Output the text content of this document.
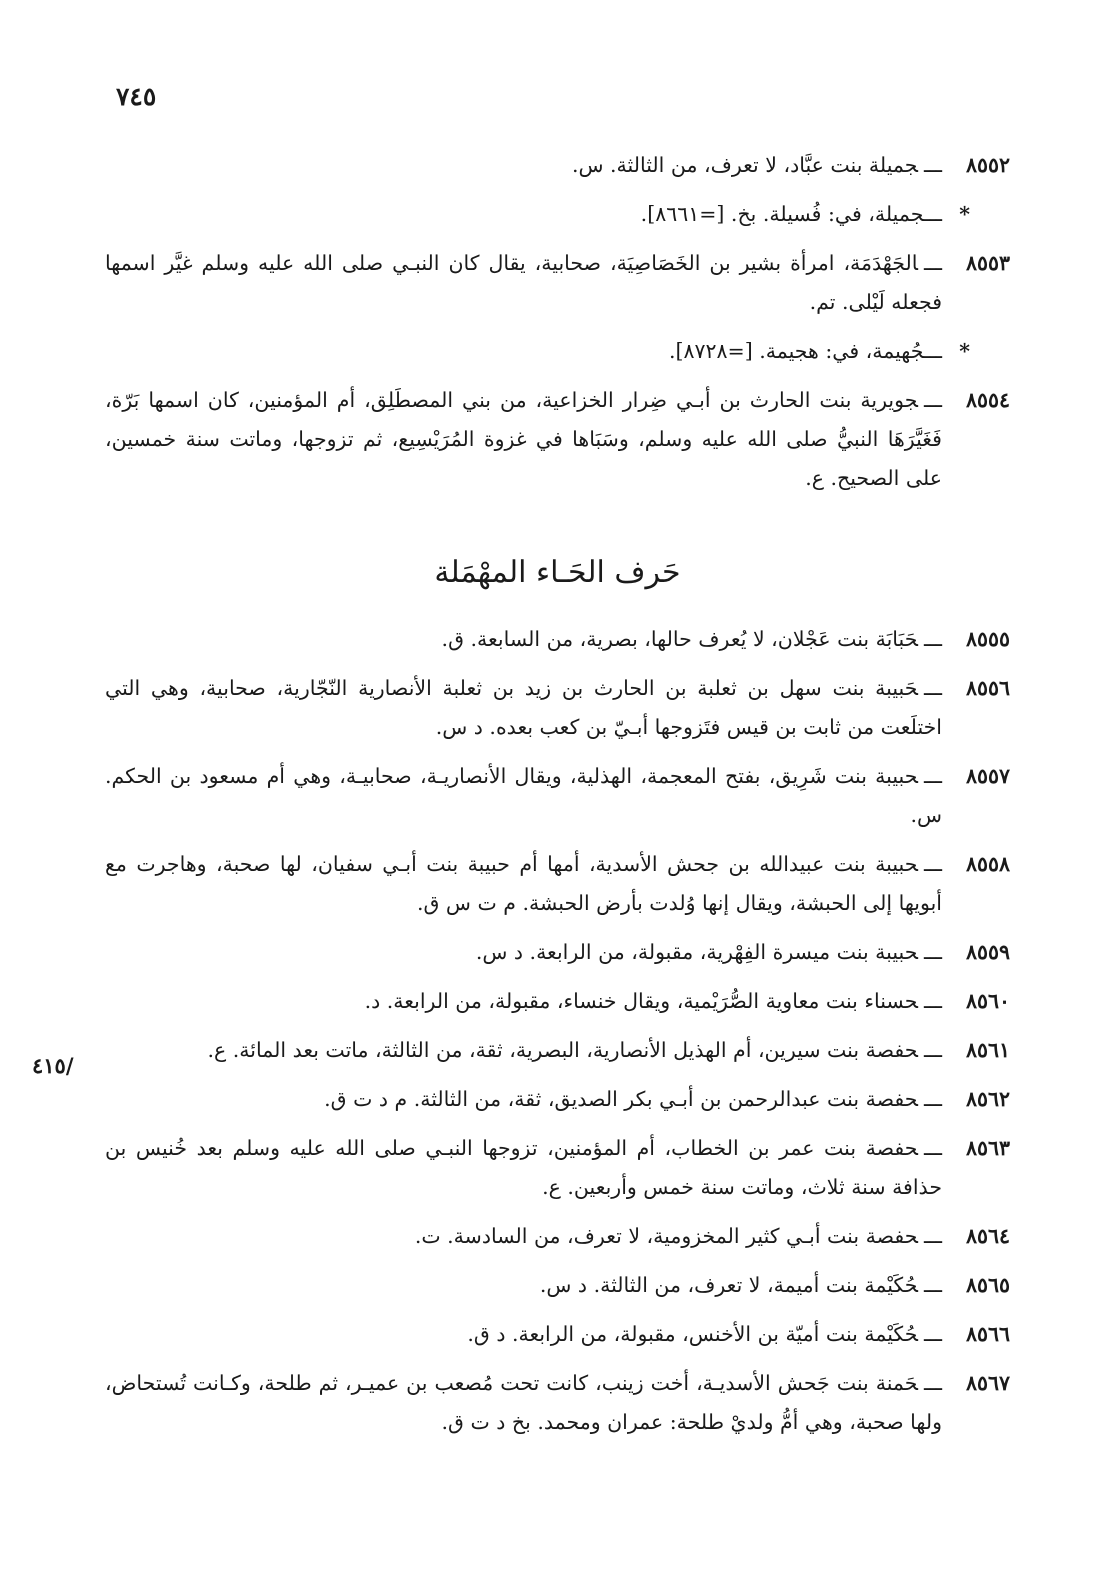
٧٤٥
٨٥٥٢
ـــجميلة بنت عبَّاد، لا تعرف، من الثالثة. س.
*
ـــجميلة، في: فُسيلة. بخ. [=٨٦٦١].
٨٥٥٣
ـــالجَهْدَمَة، امرأة بشير بن الخَصَاصِيَة، صحابية، يقال كان النبـي صلى الله عليه وسلم غيَّر اسمها فجعله لَيْلى. تم.
*
ـــجُهيمة، في: هجيمة. [=٨٧٢٨].
٨٥٥٤
ـــجويرية بنت الحارث بن أبـي ضِرار الخزاعية، من بني المصطَلِق، أم المؤمنين، كان اسمها بَرّة، فَغَيَّرَهَا النبيُّ صلى الله عليه وسلم، وسَبَاها في غزوة المُرَيْسِيع، ثم تزوجها، وماتت سنة خمسين، على الصحيح. ع.
حَرف الحَـاء المهْمَلة
٨٥٥٥
ـــحَبَابَة بنت عَجْلان، لا يُعرف حالها، بصرية، من السابعة. ق.
٨٥٥٦
ـــحَبيبة بنت سهل بن ثعلبة بن الحارث بن زيد بن ثعلبة الأنصارية النّجّارية، صحابية، وهي التي اختلَعت من ثابت بن قيس فتَزوجها أبـيّ بن كعب بعده. د س.
٨٥٥٧
ـــحبيبة بنت شَرِيق، بفتح المعجمة، الهذلية، ويقال الأنصاريـة، صحابيـة، وهي أم مسعود بن الحكم. س.
٨٥٥٨
ـــحبيبة بنت عبيدالله بن جحش الأسدية، أمها أم حبيبة بنت أبـي سفيان، لها صحبة، وهاجرت مع أبويها إلى الحبشة، ويقال إنها وُلدت بأرض الحبشة. م ت س ق.
٨٥٥٩
ـــحبيبة بنت ميسرة الفِهْرية، مقبولة، من الرابعة. د س.
٨٥٦٠
ـــحسناء بنت معاوية الصُّرَيْمية، ويقال خنساء، مقبولة، من الرابعة. د.
٨٥٦١
ـــحفصة بنت سيرين، أم الهذيل الأنصارية، البصرية، ثقة، من الثالثة، ماتت بعد المائة. ع.
٨٥٦٢
ـــحفصة بنت عبدالرحمن بن أبـي بكر الصديق، ثقة، من الثالثة. م د ت ق.
٨٥٦٣
ـــحفصة بنت عمر بن الخطاب، أم المؤمنين، تزوجها النبـي صلى الله عليه وسلم بعد خُنيس بن حذافة سنة ثلاث، وماتت سنة خمس وأربعين. ع.
٨٥٦٤
ـــحفصة بنت أبـي كثير المخزومية، لا تعرف، من السادسة. ت.
٨٥٦٥
ـــحُكَيْمة بنت أميمة، لا تعرف، من الثالثة. د س.
٨٥٦٦
ـــحُكَيْمة بنت أميّة بن الأخنس، مقبولة، من الرابعة. د ق.
٨٥٦٧
ـــحَمنة بنت جَحش الأسديـة، أخت زينب، كانت تحت مُصعب بن عميـر، ثم طلحة، وكـانت تُستحاض، ولها صحبة، وهي أمُّ ولديْ طلحة: عمران ومحمد. بخ د ت ق.
/٤١٥
